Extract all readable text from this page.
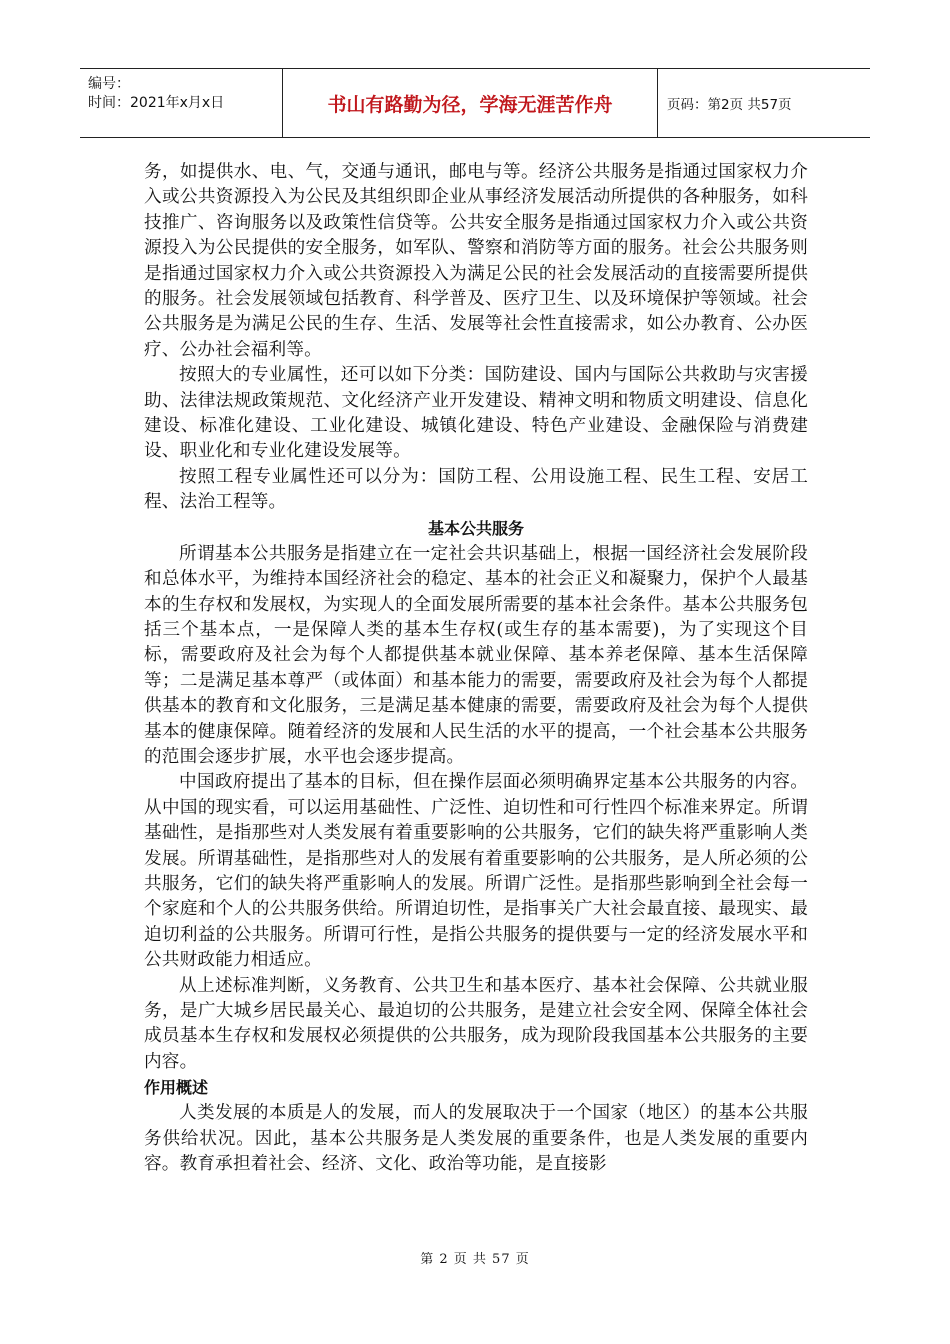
编号：
时间：2021年x月x日	书山有路勤为径，学海无涯苦作舟	页码：第2页 共57页

务，如提供水、电、气，交通与通讯，邮电与等。经济公共服务是指通过国家权力介入或公共资源投入为公民及其组织即企业从事经济发展活动所提供的各种服务，如科技推广、咨询服务以及政策性信贷等。公共安全服务是指通过国家权力介入或公共资源投入为公民提供的安全服务，如军队、警察和消防等方面的服务。社会公共服务则是指通过国家权力介入或公共资源投入为满足公民的社会发展活动的直接需要所提供的服务。社会发展领域包括教育、科学普及、医疗卫生、以及环境保护等领域。社会公共服务是为满足公民的生存、生活、发展等社会性直接需求，如公办教育、公办医疗、公办社会福利等。

按照大的专业属性，还可以如下分类：国防建设、国内与国际公共救助与灾害援助、法律法规政策规范、文化经济产业开发建设、精神文明和物质文明建设、信息化建设、标准化建设、工业化建设、城镇化建设、特色产业建设、金融保险与消费建设、职业化和专业化建设发展等。

按照工程专业属性还可以分为：国防工程、公用设施工程、民生工程、安居工程、法治工程等。

基本公共服务

所谓基本公共服务是指建立在一定社会共识基础上，根据一国经济社会发展阶段和总体水平，为维持本国经济社会的稳定、基本的社会正义和凝聚力，保护个人最基本的生存权和发展权，为实现人的全面发展所需要的基本社会条件。基本公共服务包括三个基本点，一是保障人类的基本生存权(或生存的基本需要)，为了实现这个目标，需要政府及社会为每个人都提供基本就业保障、基本养老保障、基本生活保障等；二是满足基本尊严（或体面）和基本能力的需要，需要政府及社会为每个人都提供基本的教育和文化服务，三是满足基本健康的需要，需要政府及社会为每个人提供基本的健康保障。随着经济的发展和人民生活的水平的提高，一个社会基本公共服务的范围会逐步扩展，水平也会逐步提高。

中国政府提出了基本的目标，但在操作层面必须明确界定基本公共服务的内容。从中国的现实看，可以运用基础性、广泛性、迫切性和可行性四个标准来界定。所谓基础性，是指那些对人类发展有着重要影响的公共服务，它们的缺失将严重影响人类发展。所谓基础性，是指那些对人的发展有着重要影响的公共服务，是人所必须的公共服务，它们的缺失将严重影响人的发展。所谓广泛性。是指那些影响到全社会每一个家庭和个人的公共服务供给。所谓迫切性，是指事关广大社会最直接、最现实、最迫切利益的公共服务。所谓可行性，是指公共服务的提供要与一定的经济发展水平和公共财政能力相适应。

从上述标准判断，义务教育、公共卫生和基本医疗、基本社会保障、公共就业服务，是广大城乡居民最关心、最迫切的公共服务，是建立社会安全网、保障全体社会成员基本生存权和发展权必须提供的公共服务，成为现阶段我国基本公共服务的主要内容。

作用概述

人类发展的本质是人的发展，而人的发展取决于一个国家（地区）的基本公共服务供给状况。因此，基本公共服务是人类发展的重要条件，也是人类发展的重要内容。教育承担着社会、经济、文化、政治等功能，是直接影

第 2 页 共 57 页
